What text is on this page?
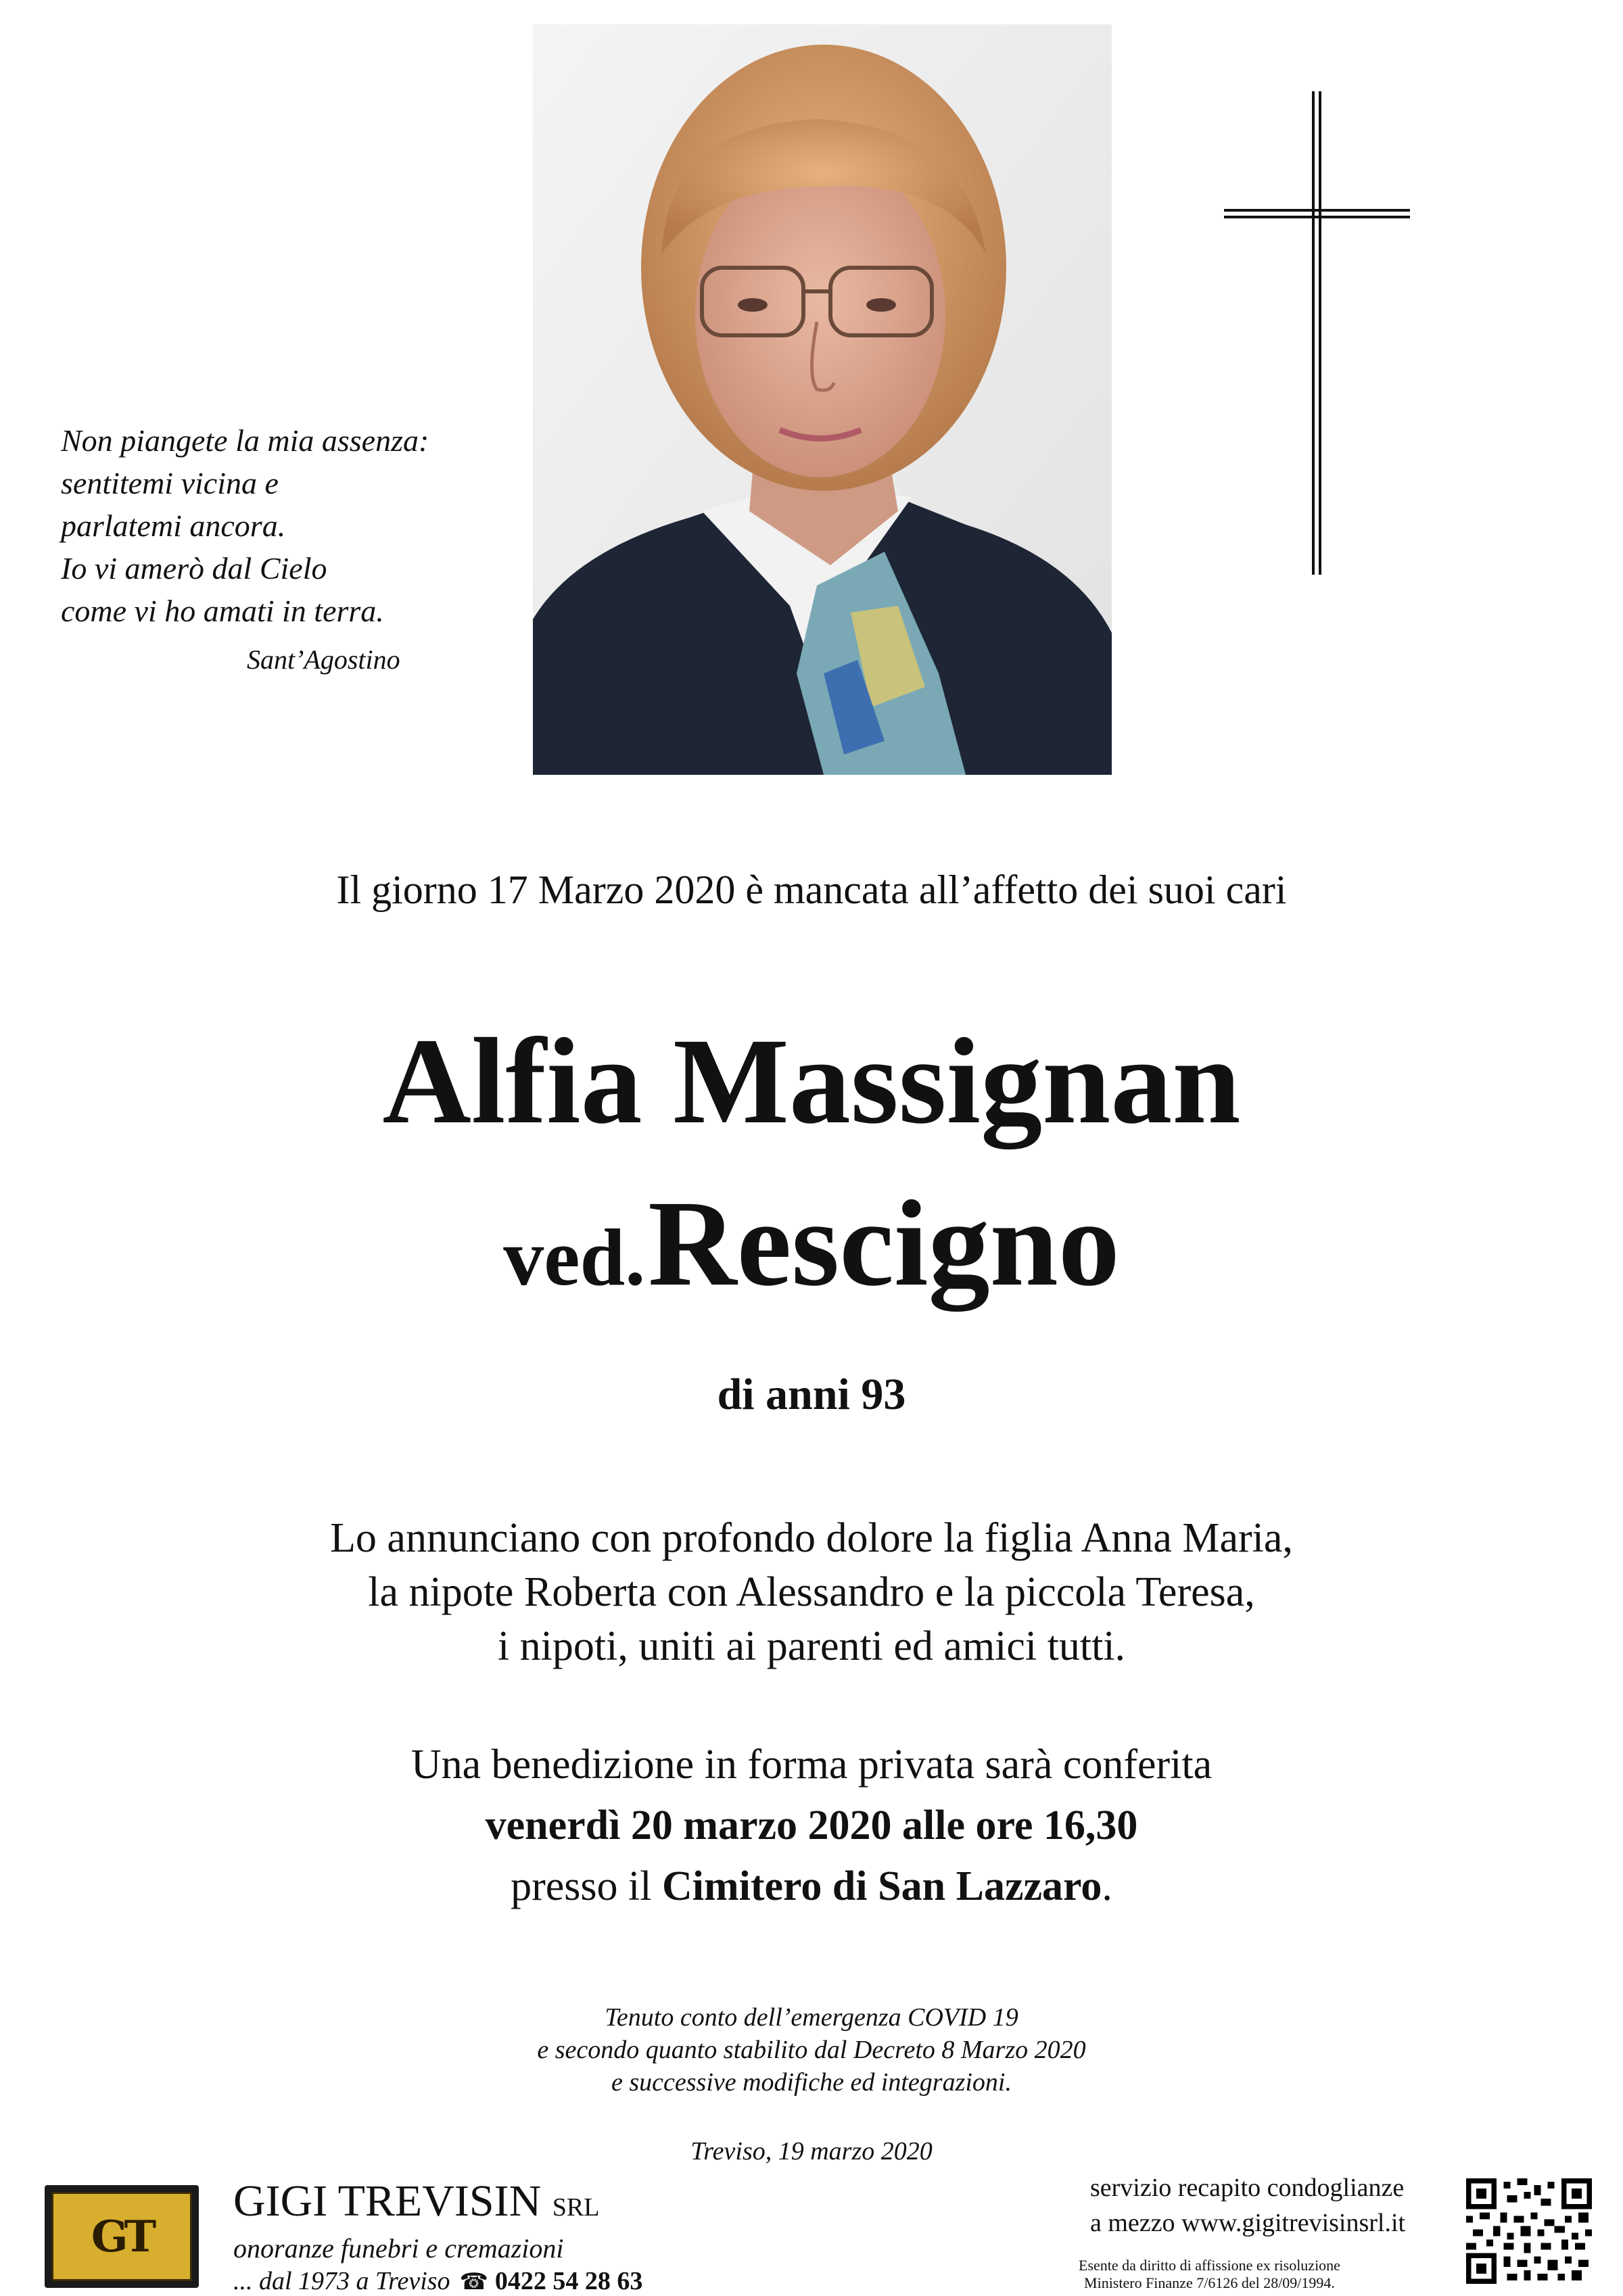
Non piangete la mia assenza:
sentitemi vicina e
parlatemi ancora.
Io vi amerò dal Cielo
come vi ho amati in terra.
Sant’Agostino
Il giorno 17 Marzo 2020 è mancata all’affetto dei suoi cari
Alfia Massignan
ved. Rescigno
di anni 93
Lo annunciano con profondo dolore la figlia Anna Maria,
la nipote Roberta con Alessandro e la piccola Teresa,
i nipoti, uniti ai parenti ed amici tutti.
Una benedizione in forma privata sarà conferita
venerdì 20 marzo 2020 alle ore 16,30
presso il Cimitero di San Lazzaro.
Tenuto conto dell’emergenza COVID 19
e secondo quanto stabilito dal Decreto 8 Marzo 2020
e successive modifiche ed integrazioni.
Treviso, 19 marzo 2020
GT
GIGI TREVISIN SRL
onoranze funebri e cremazioni
... dal 1973 a Treviso ☎ 0422 54 28 63
servizio recapito condoglianze
a mezzo www.gigitrevisinsrl.it
Esente da diritto di affissione ex risoluzione
Ministero Finanze 7/6126 del 28/09/1994.
